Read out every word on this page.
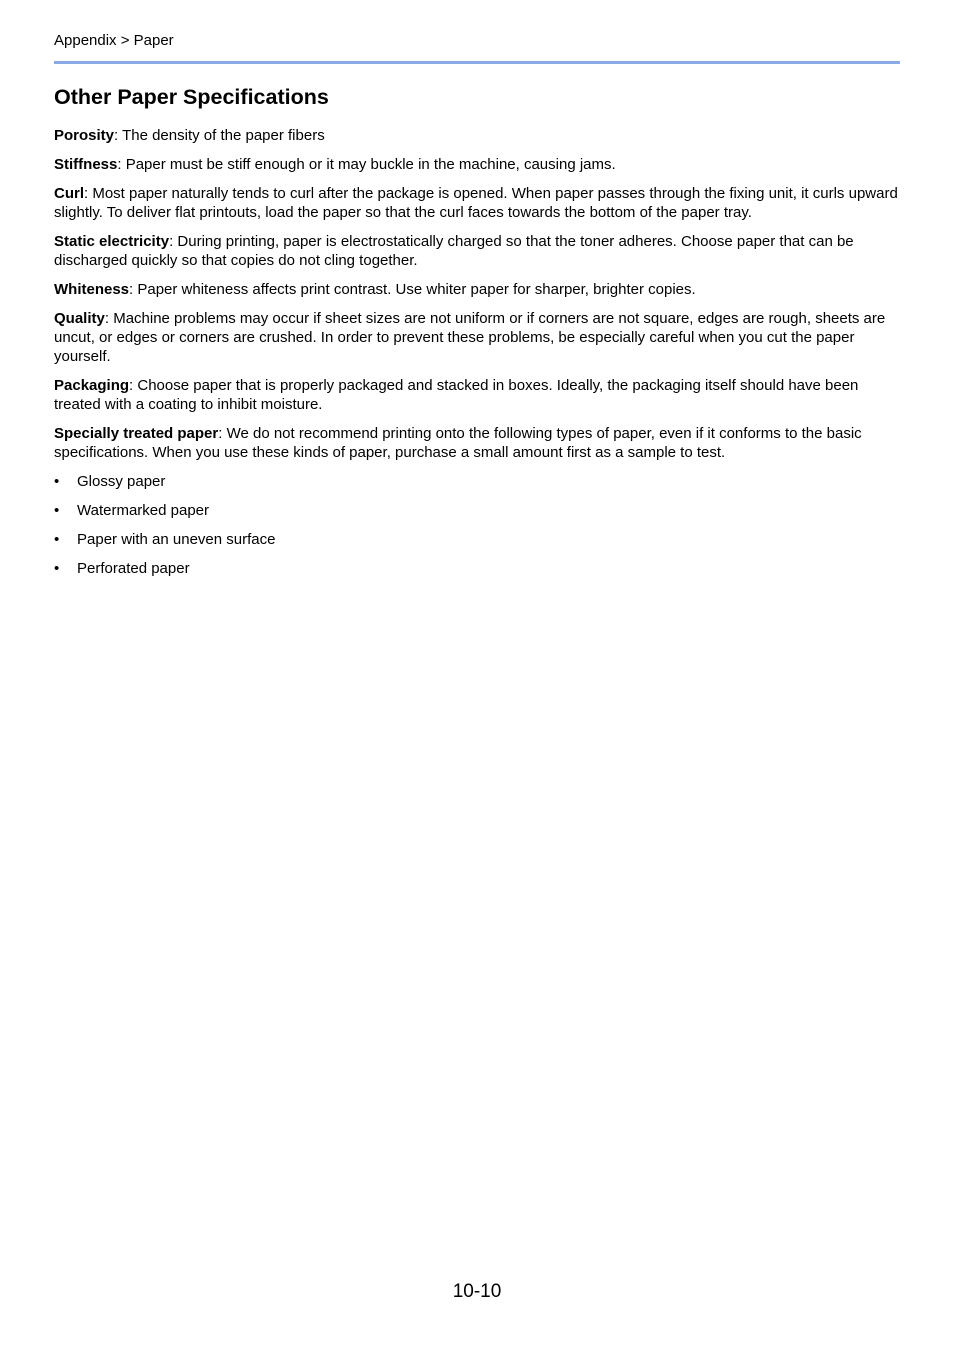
Appendix > Paper
Other Paper Specifications

Porosity: The density of the paper fibers

Stiffness: Paper must be stiff enough or it may buckle in the machine, causing jams.

Curl: Most paper naturally tends to curl after the package is opened. When paper passes through the fixing unit, it curls upward slightly. To deliver flat printouts, load the paper so that the curl faces towards the bottom of the paper tray.

Static electricity: During printing, paper is electrostatically charged so that the toner adheres. Choose paper that can be discharged quickly so that copies do not cling together.

Whiteness: Paper whiteness affects print contrast. Use whiter paper for sharper, brighter copies.

Quality: Machine problems may occur if sheet sizes are not uniform or if corners are not square, edges are rough, sheets are uncut, or edges or corners are crushed. In order to prevent these problems, be especially careful when you cut the paper yourself.

Packaging: Choose paper that is properly packaged and stacked in boxes. Ideally, the packaging itself should have been treated with a coating to inhibit moisture.

Specially treated paper: We do not recommend printing onto the following types of paper, even if it conforms to the basic specifications. When you use these kinds of paper, purchase a small amount first as a sample to test.

• Glossy paper
• Watermarked paper
• Paper with an uneven surface
• Perforated paper
10-10
